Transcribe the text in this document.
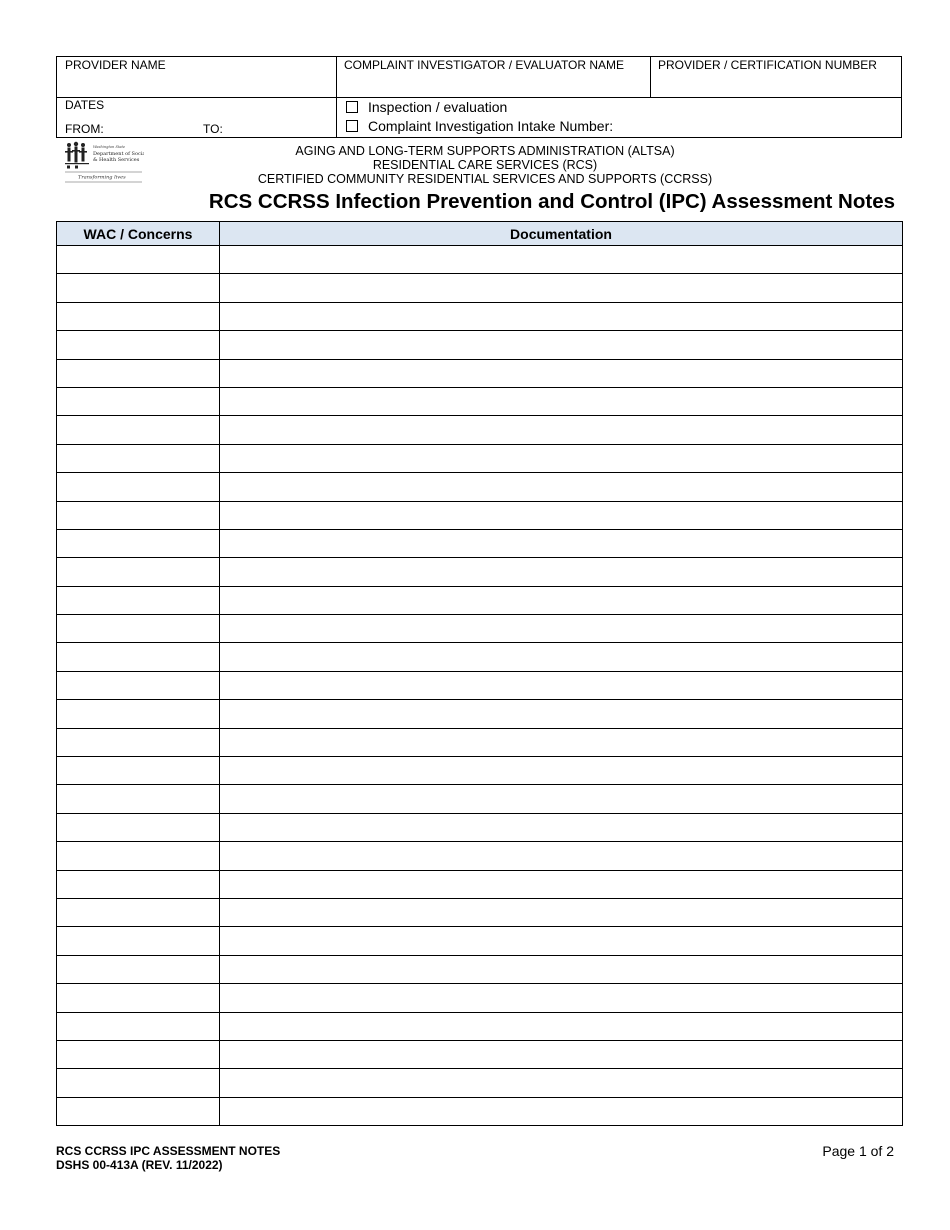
PROVIDER NAME	COMPLAINT INVESTIGATOR / EVALUATOR NAME	PROVIDER / CERTIFICATION NUMBER
DATES
FROM:	TO:
Inspection / evaluation
Complaint Investigation Intake Number:
Washington State
Department of Social
& Health Services
Transforming lives
AGING AND LONG-TERM SUPPORTS ADMINISTRATION (ALTSA)
RESIDENTIAL CARE SERVICES (RCS)
CERTIFIED COMMUNITY RESIDENTIAL SERVICES AND SUPPORTS (CCRSS)
RCS CCRSS Infection Prevention and Control (IPC) Assessment Notes
WAC / Concerns	Documentation

RCS CCRSS IPC ASSESSMENT NOTES
DSHS 00-413A (REV. 11/2022)
Page 1 of 2
